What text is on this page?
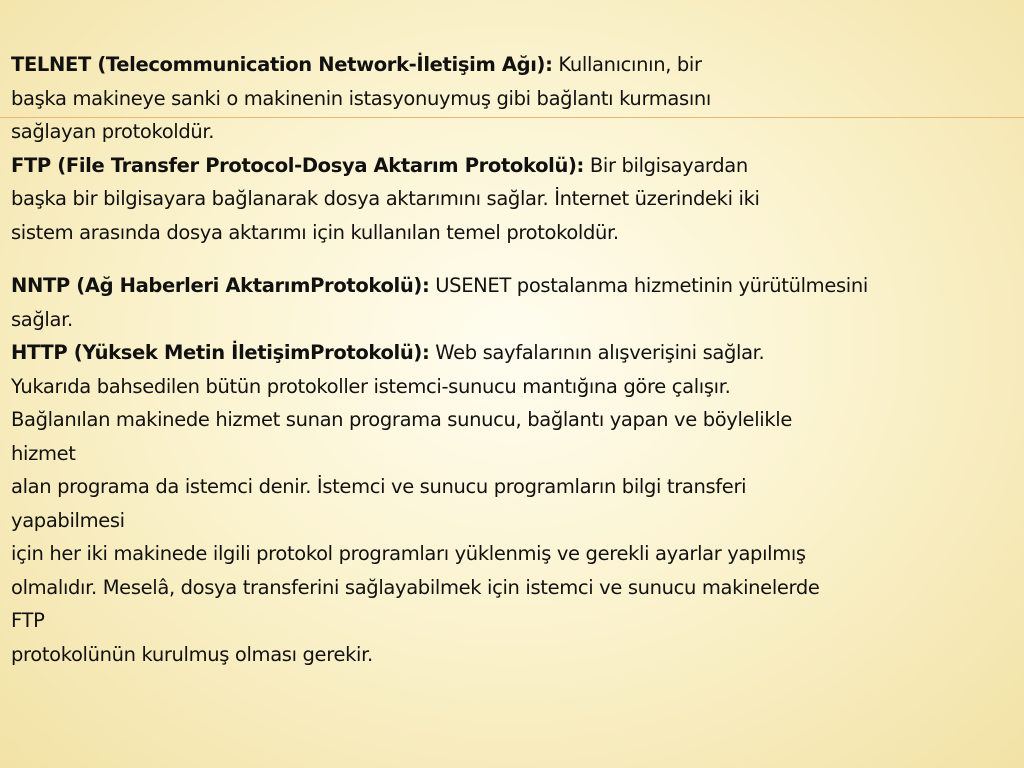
TELNET (Telecommunication Network-İletişim Ağı): Kullanıcının, bir
başka makineye sanki o makinenin istasyonuymuş gibi bağlantı kurmasını
sağlayan protokoldür.
FTP (File Transfer Protocol-Dosya Aktarım Protokolü): Bir bilgisayardan
başka bir bilgisayara bağlanarak dosya aktarımını sağlar. İnternet üzerindeki iki
sistem arasında dosya aktarımı için kullanılan temel protokoldür.
NNTP (Ağ Haberleri AktarımProtokolü): USENET postalanma hizmetinin yürütülmesini
sağlar.
HTTP (Yüksek Metin İletişimProtokolü): Web sayfalarının alışverişini sağlar.
Yukarıda bahsedilen bütün protokoller istemci-sunucu mantığına göre çalışır.
Bağlanılan makinede hizmet sunan programa sunucu, bağlantı yapan ve böylelikle
hizmet
alan programa da istemci denir. İstemci ve sunucu programların bilgi transferi
yapabilmesi
için her iki makinede ilgili protokol programları yüklenmiş ve gerekli ayarlar yapılmış
olmalıdır. Meselâ, dosya transferini sağlayabilmek için istemci ve sunucu makinelerde
FTP
protokolünün kurulmuş olması gerekir.
